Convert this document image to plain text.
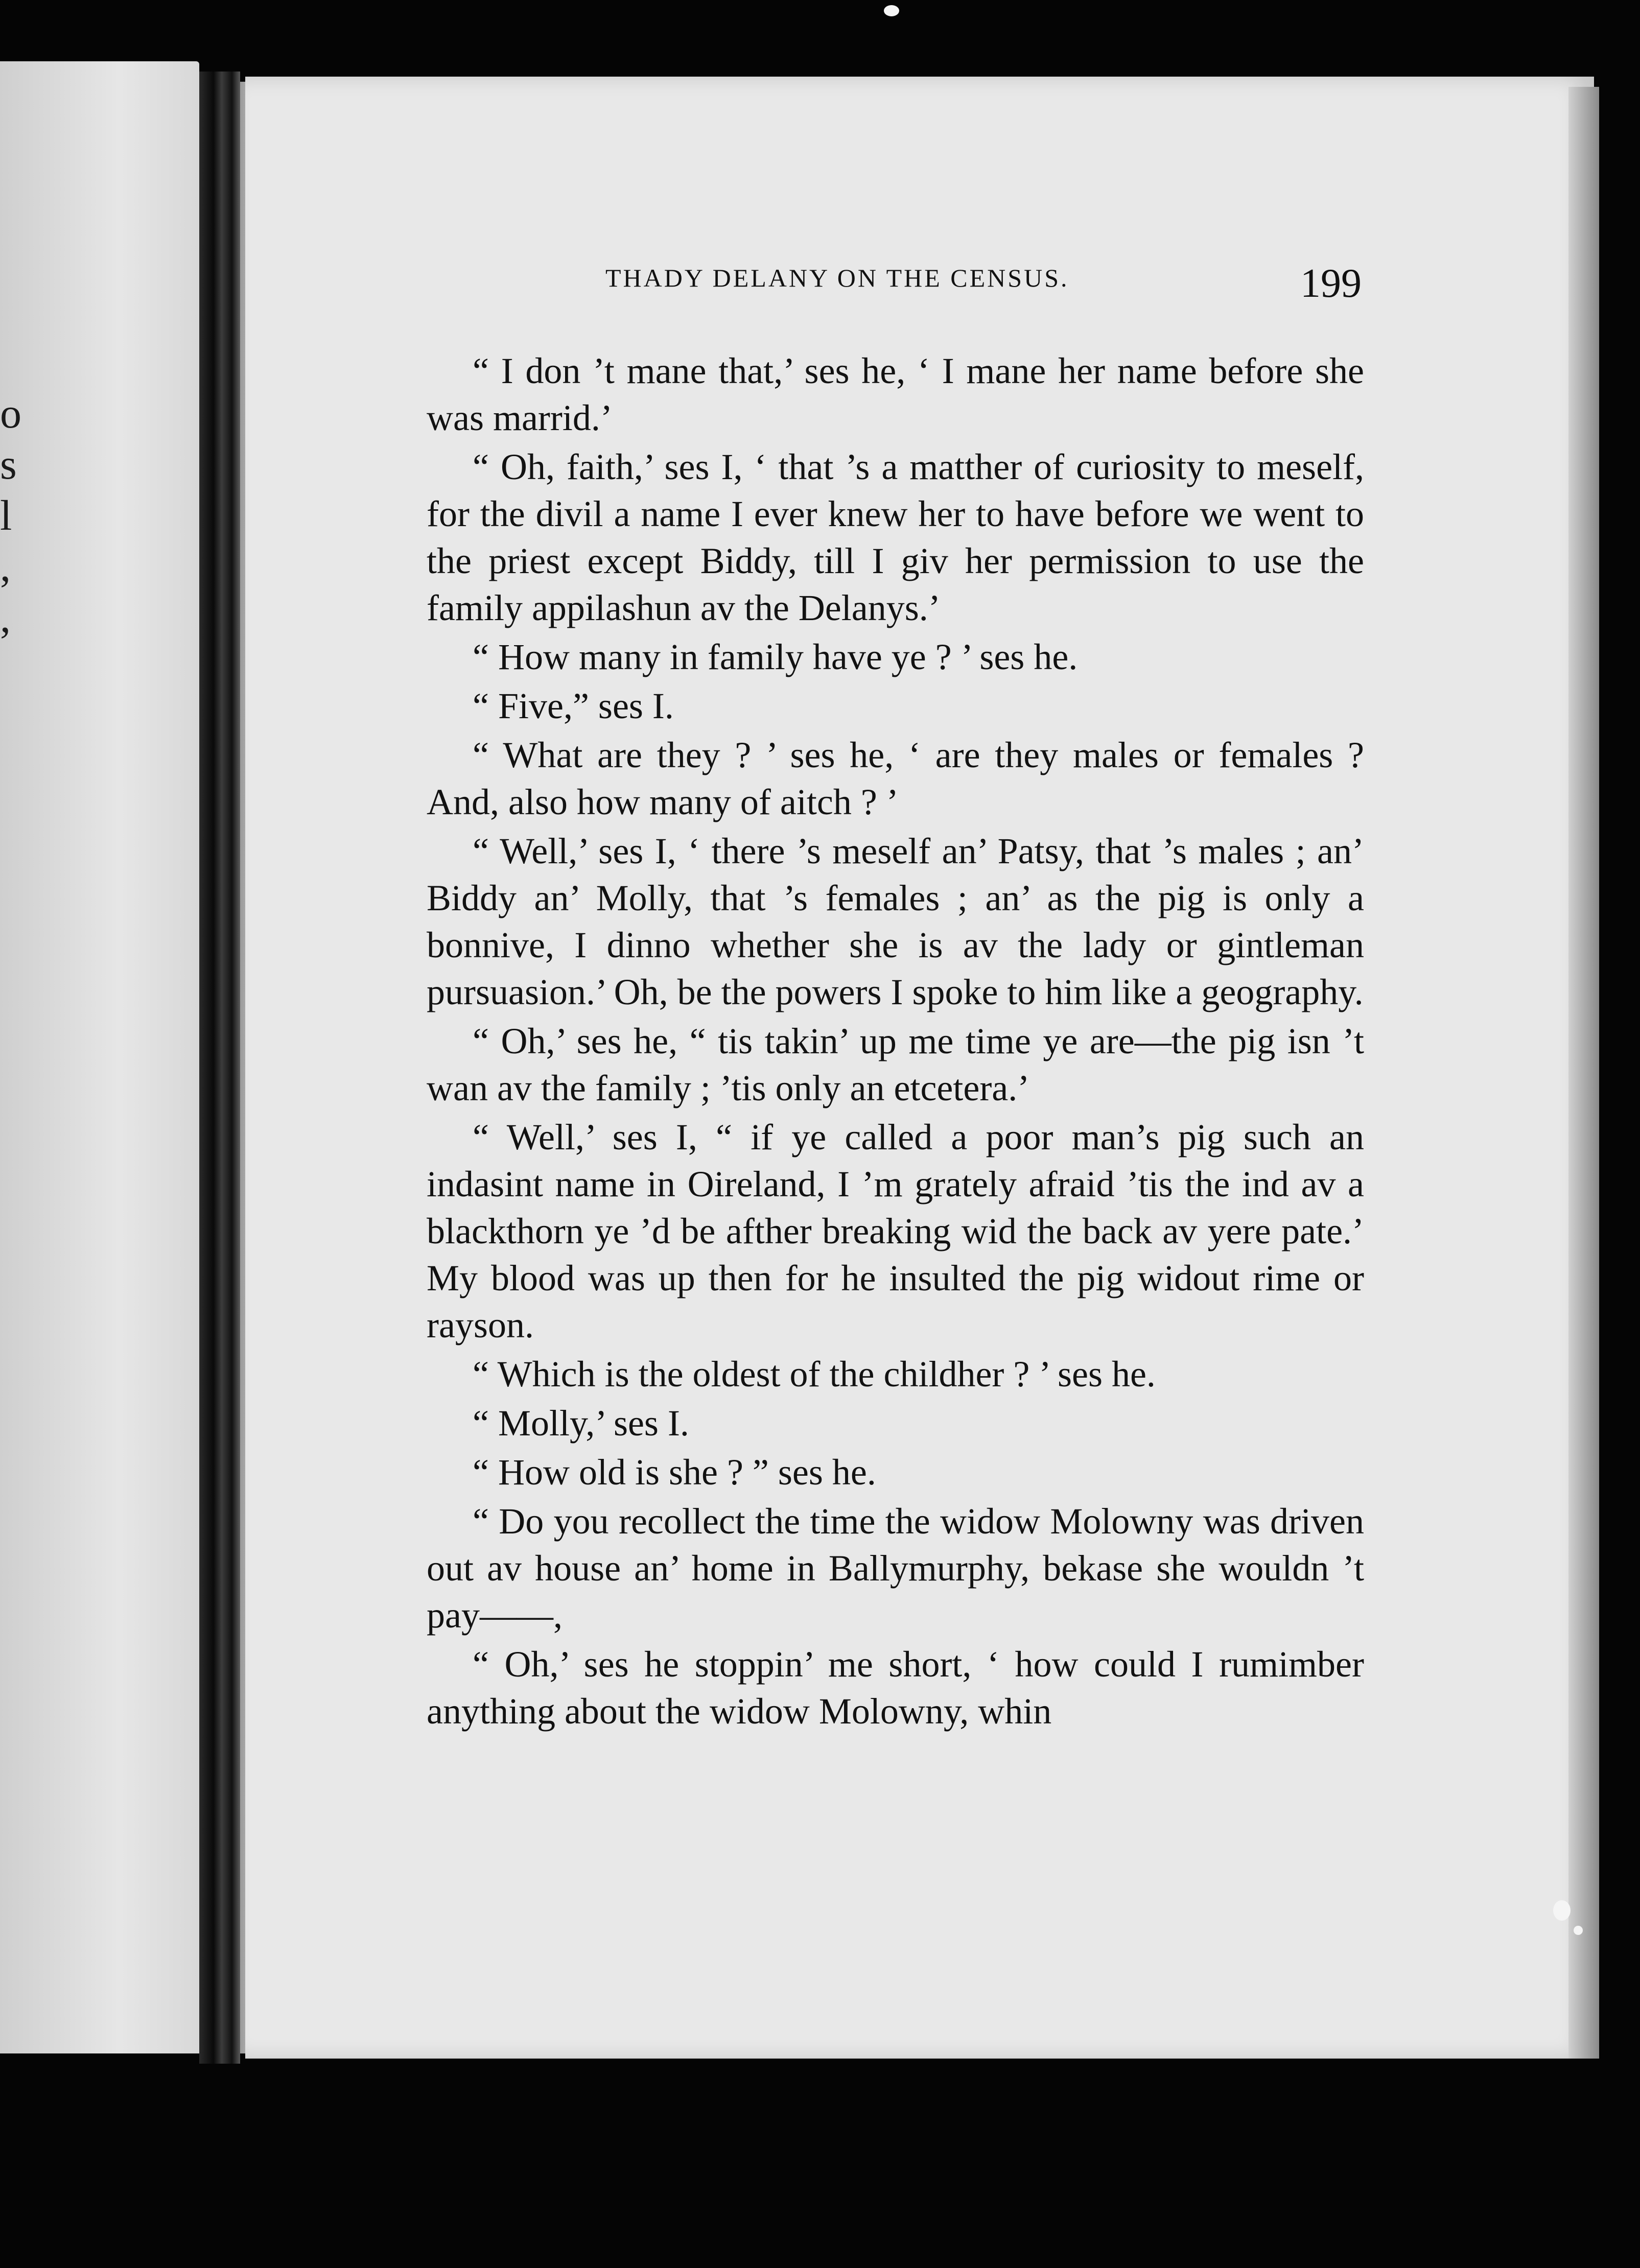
o
s
l
,
,
THADY DELANY ON THE CENSUS.	199

“ I don ’t mane that,’ ses he, ‘ I mane her name before she was marrid.’

“ Oh, faith,’ ses I, ‘ that ’s a matther of curiosity to meself, for the divil a name I ever knew her to have before we went to the priest except Biddy, till I giv her permission to use the family appilashun av the Delanys.’

“ How many in family have ye ? ’ ses he.

“ Five,” ses I.

“ What are they ? ’ ses he, ‘ are they males or females ? And, also how many of aitch ? ’

“ Well,’ ses I, ‘ there ’s meself an’ Patsy, that ’s males ; an’ Biddy an’ Molly, that ’s females ; an’ as the pig is only a bonnive, I dinno whether she is av the lady or gintleman pursuasion.’ Oh, be the powers I spoke to him like a geography.

“ Oh,’ ses he, “ tis takin’ up me time ye are—the pig isn ’t wan av the family ; ’tis only an etcetera.’

“ Well,’ ses I, “ if ye called a poor man’s pig such an indasint name in Oireland, I ’m grately afraid ’tis the ind av a blackthorn ye ’d be afther breaking wid the back av yere pate.’ My blood was up then for he insulted the pig widout rime or rayson.

“ Which is the oldest of the childher ? ’ ses he.

“ Molly,’ ses I.

“ How old is she ? ” ses he.

“ Do you recollect the time the widow Molowny was driven out av house an’ home in Ballymurphy, bekase she wouldn ’t pay——,

“ Oh,’ ses he stoppin’ me short, ‘ how could I rumimber anything about the widow Molowny, whin
